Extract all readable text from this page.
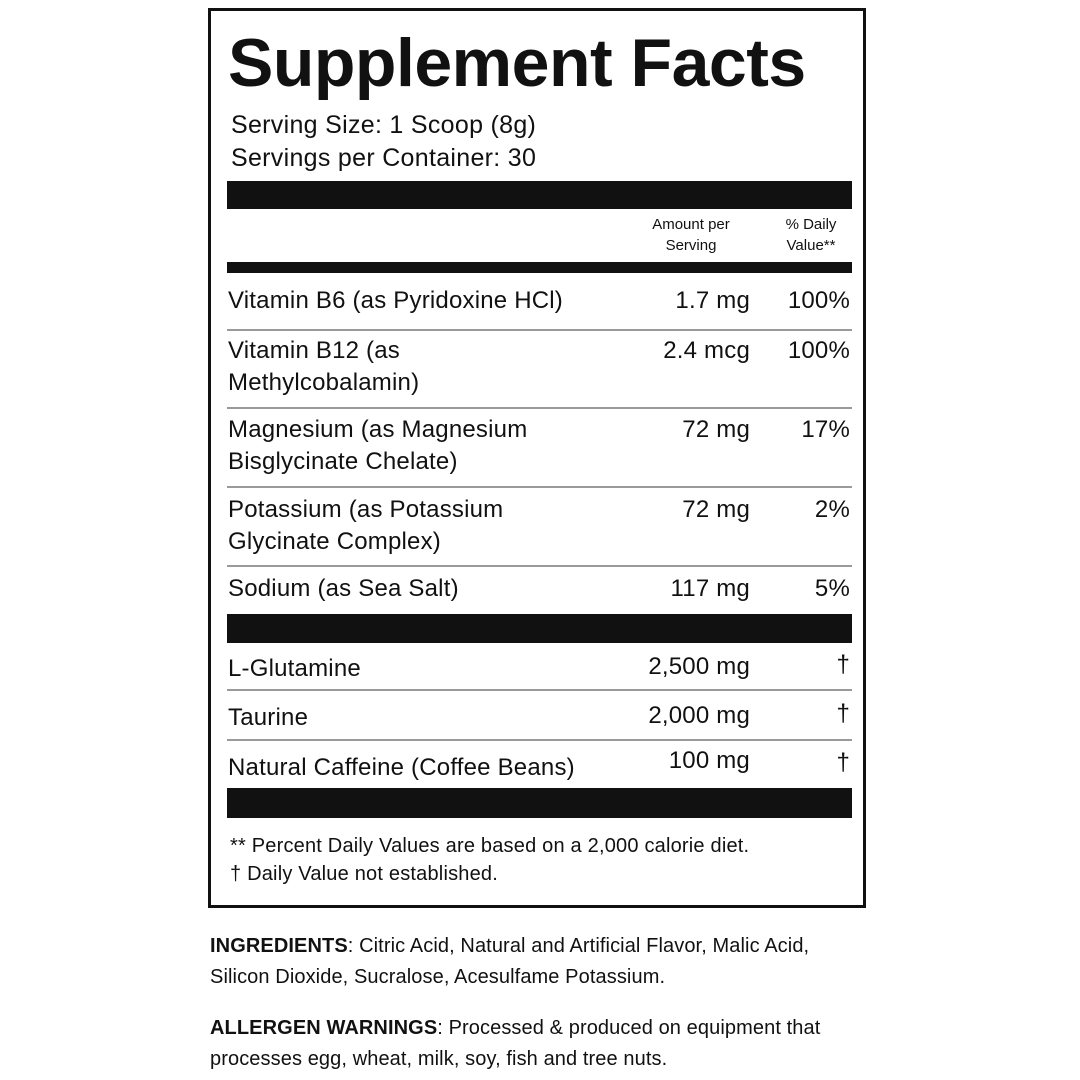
Supplement Facts
Serving Size: 1 Scoop (8g)
Servings per Container: 30
Amount per
Serving
% Daily
Value**
Vitamin B6 (as Pyridoxine HCl)	1.7 mg 100%
Vitamin B12 (as
Methylcobalamin)
2.4 mcg 100%
Magnesium (as Magnesium
Bisglycinate Chelate)
72 mg 17%
Potassium (as Potassium
Glycinate Complex)
72 mg	2%
Sodium (as Sea Salt)	117 mg	5%
L-Glutamine	2,500 mg	†
Taurine	2,000 mg	†
Natural Caffeine (Coffee Beans)	100 mg	†
** Percent Daily Values are based on a 2,000 calorie diet.
† Daily Value not established.
INGREDIENTS: Citric Acid, Natural and Artificial Flavor, Malic Acid, Silicon Dioxide, Sucralose, Acesulfame Potassium.
ALLERGEN WARNINGS: Processed & produced on equipment that processes egg, wheat, milk, soy, fish and tree nuts.
